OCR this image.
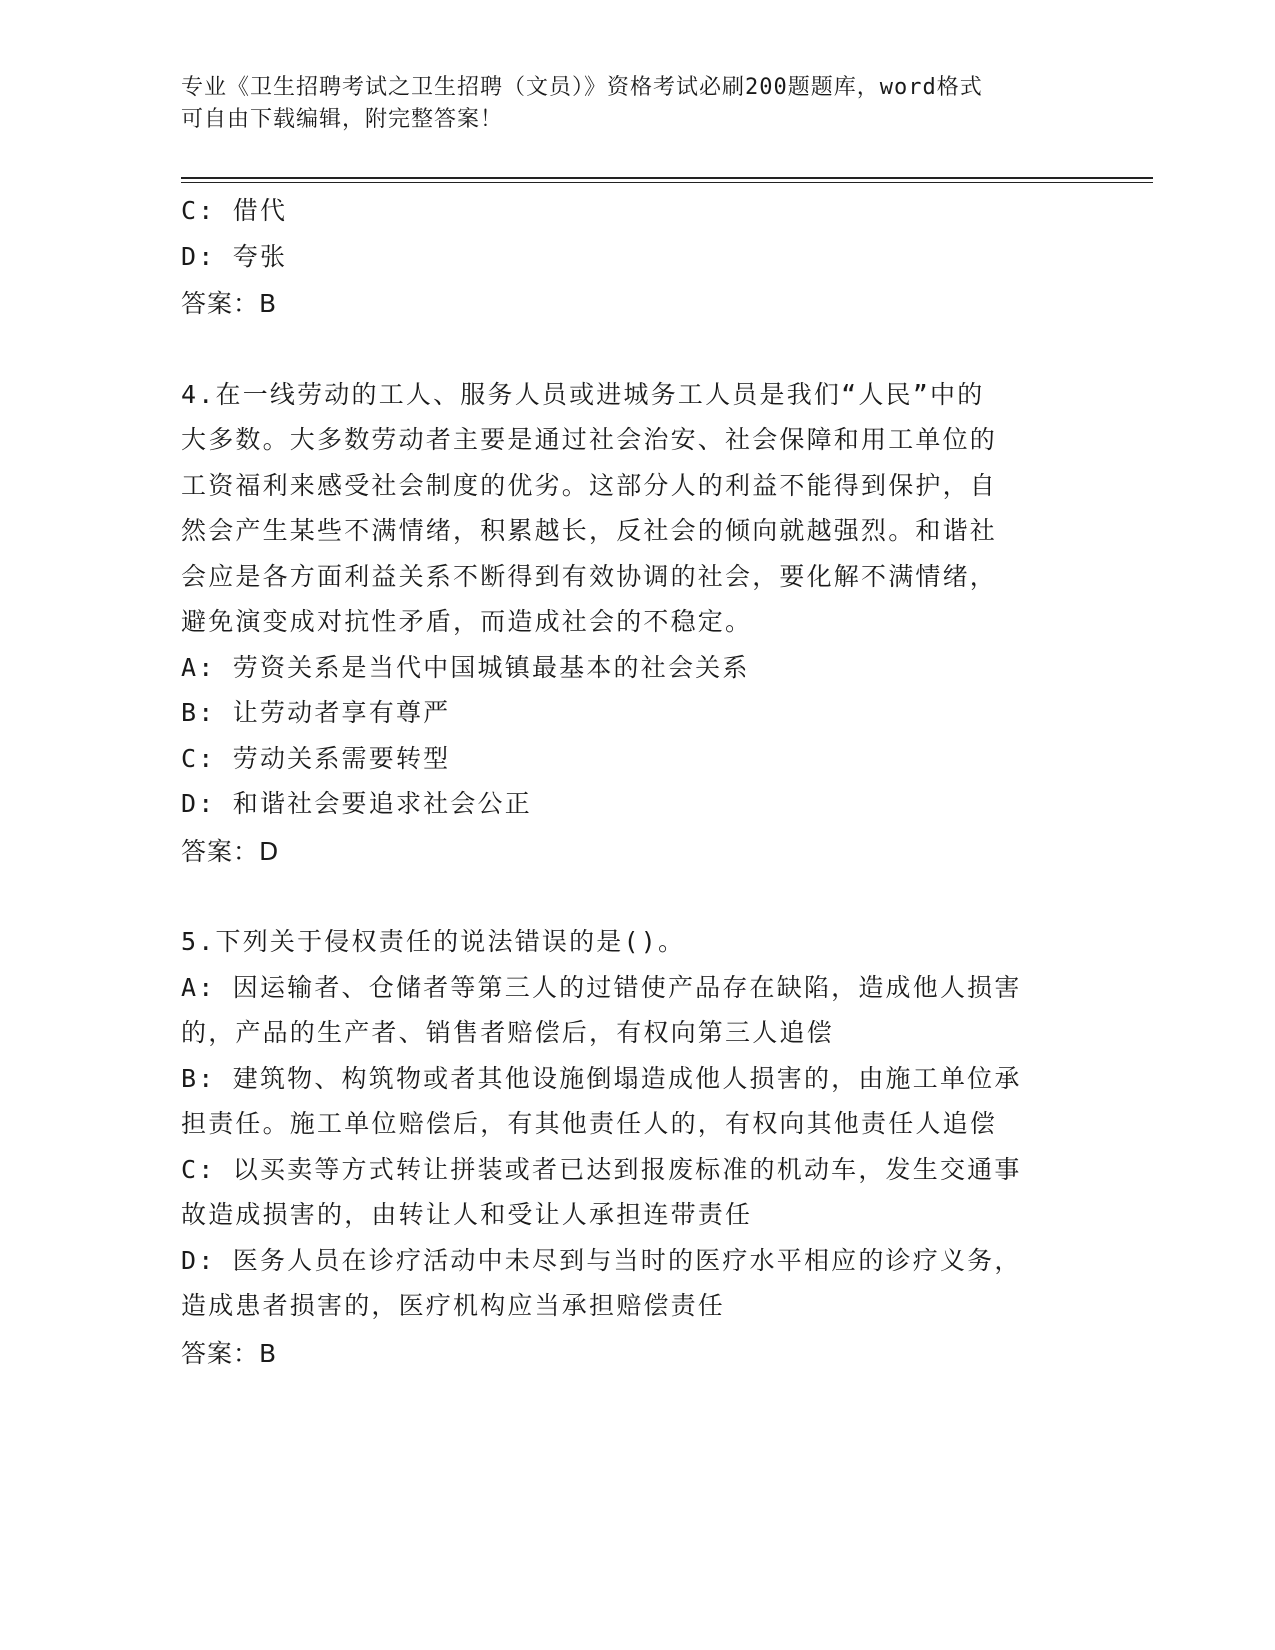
专业《卫生招聘考试之卫生招聘（文员）》资格考试必刷200题题库，word格式
可自由下载编辑，附完整答案！
C: 借代
D: 夸张
答案：B
4.在一线劳动的工人、服务人员或进城务工人员是我们“人民”中的
大多数。大多数劳动者主要是通过社会治安、社会保障和用工单位的
工资福利来感受社会制度的优劣。这部分人的利益不能得到保护，自
然会产生某些不满情绪，积累越长，反社会的倾向就越强烈。和谐社
会应是各方面利益关系不断得到有效协调的社会，要化解不满情绪，
避免演变成对抗性矛盾，而造成社会的不稳定。
A: 劳资关系是当代中国城镇最基本的社会关系
B: 让劳动者享有尊严
C: 劳动关系需要转型
D: 和谐社会要追求社会公正
答案：D
5.下列关于侵权责任的说法错误的是()。
A: 因运输者、仓储者等第三人的过错使产品存在缺陷，造成他人损害
的，产品的生产者、销售者赔偿后，有权向第三人追偿
B: 建筑物、构筑物或者其他设施倒塌造成他人损害的，由施工单位承
担责任。施工单位赔偿后，有其他责任人的，有权向其他责任人追偿
C: 以买卖等方式转让拼装或者已达到报废标准的机动车，发生交通事
故造成损害的，由转让人和受让人承担连带责任
D: 医务人员在诊疗活动中未尽到与当时的医疗水平相应的诊疗义务，
造成患者损害的，医疗机构应当承担赔偿责任
答案：B
